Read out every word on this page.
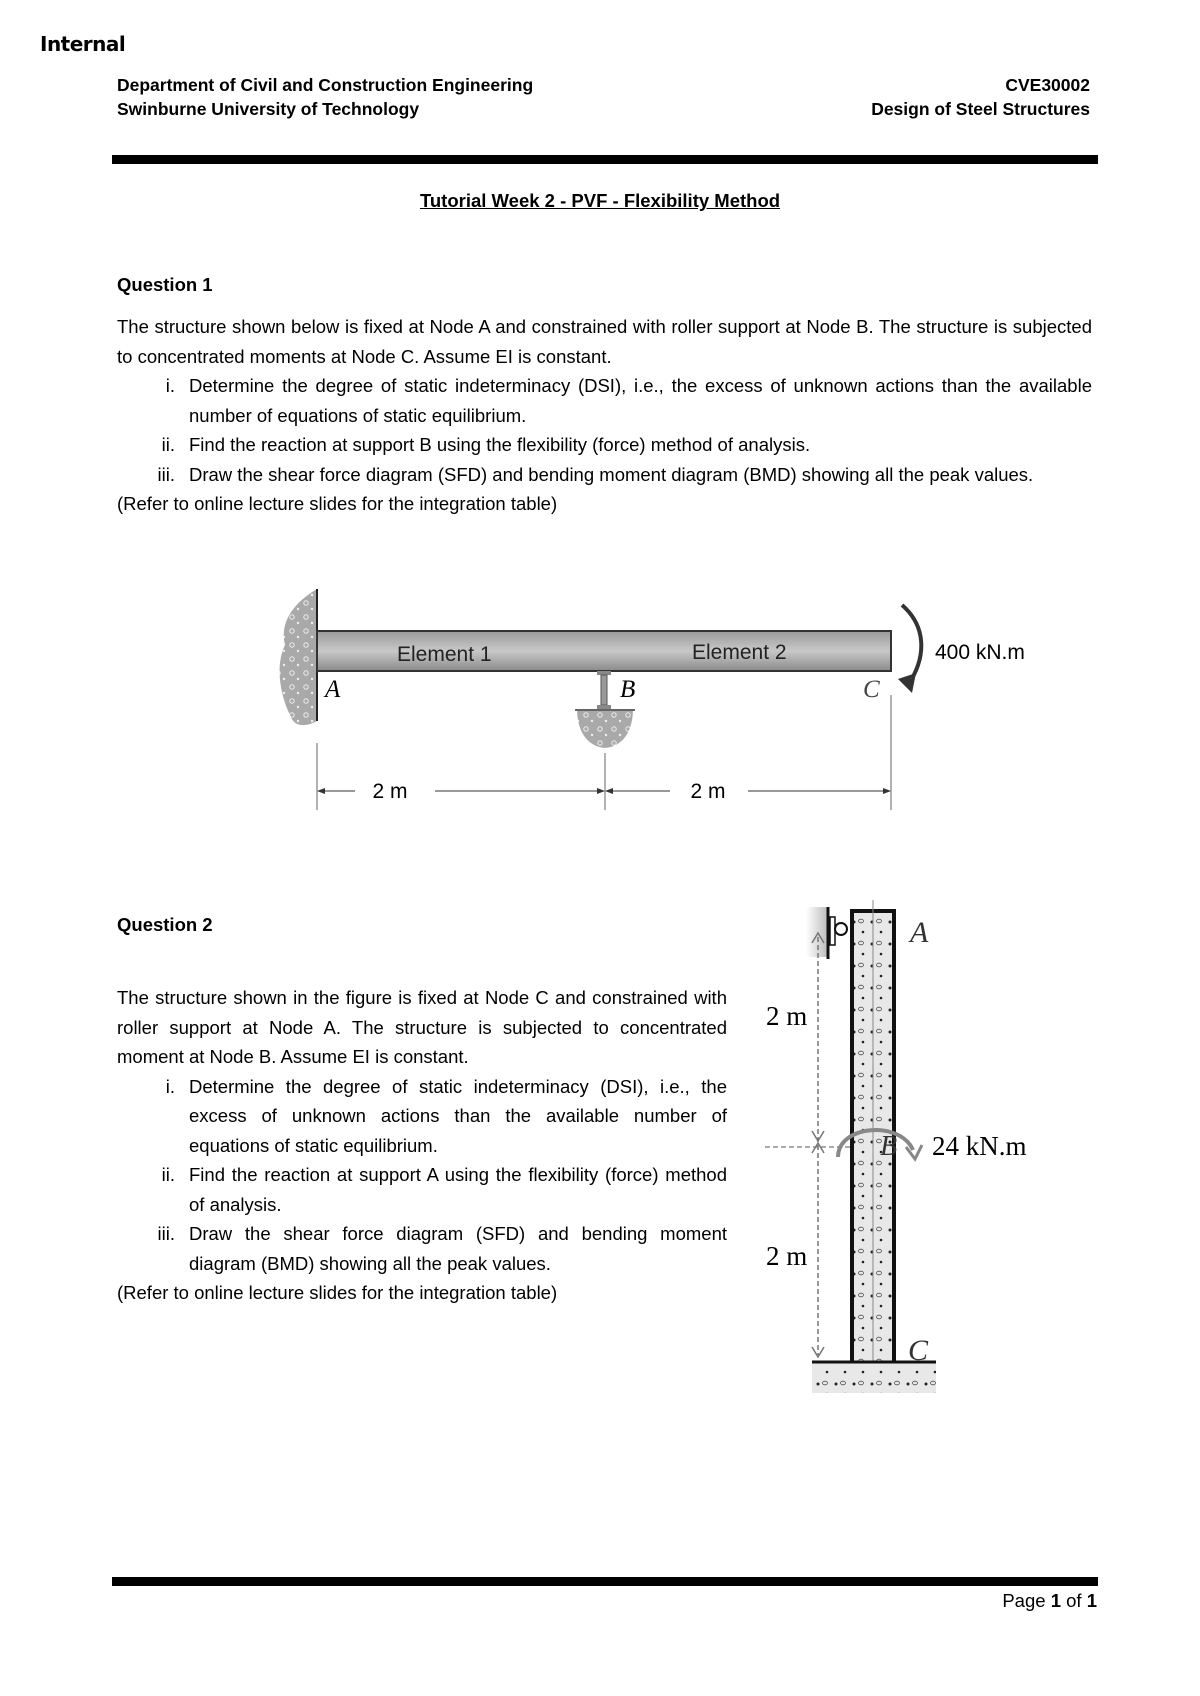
Internal
Department of Civil and Construction Engineering
Swinburne University of Technology
CVE30002
Design of Steel Structures
Tutorial Week 2 - PVF - Flexibility Method
Question 1

The structure shown below is fixed at Node A and constrained with roller support at Node B. The structure is subjected to concentrated moments at Node C. Assume EI is constant.

i. Determine the degree of static indeterminacy (DSI), i.e., the excess of unknown actions than the available number of equations of static equilibrium.
ii. Find the reaction at support B using the flexibility (force) method of analysis.
iii. Draw the shear force diagram (SFD) and bending moment diagram (BMD) showing all the peak values.

(Refer to online lecture slides for the integration table)

Element 1	Element 2
A	B	C
400 kN.m
2 m	2 m
Question 2

The structure shown in the figure is fixed at Node C and constrained with roller support at Node A. The structure is subjected to concentrated moment at Node B. Assume EI is constant.

i. Determine the degree of static indeterminacy (DSI), i.e., the excess of unknown actions than the available number of equations of static equilibrium.
ii. Find the reaction at support A using the flexibility (force) method of analysis.
iii. Draw the shear force diagram (SFD) and bending moment diagram (BMD) showing all the peak values.

(Refer to online lecture slides for the integration table)

A
B
C
24 kN.m
2 m
2 m
Page 1 of 1
